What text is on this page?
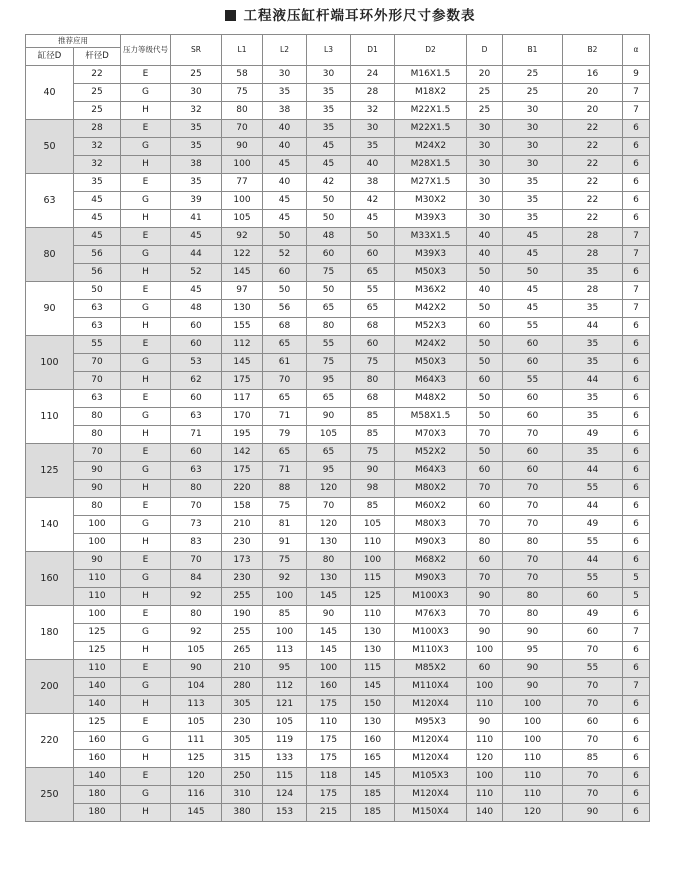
工程液压缸杆端耳环外形尺寸参数表
推荐应用		压力等级代号	SR	L1	L2	L3	D1	D2	D	B1	B2	α
缸径D	杆径D											
40	22	E	25	58	30	30	24	M16X1.5	20	25	16	9
	25	G	30	75	35	35	28	M18X2	25	25	20	7
	25	H	32	80	38	35	32	M22X1.5	25	30	20	7
50	28	E	35	70	40	35	30	M22X1.5	30	30	22	6
	32	G	35	90	40	45	35	M24X2	30	30	22	6
	32	H	38	100	45	45	40	M28X1.5	30	30	22	6
63	35	E	35	77	40	42	38	M27X1.5	30	35	22	6
	45	G	39	100	45	50	42	M30X2	30	35	22	6
	45	H	41	105	45	50	45	M39X3	30	35	22	6
80	45	E	45	92	50	48	50	M33X1.5	40	45	28	7
	56	G	44	122	52	60	60	M39X3	40	45	28	7
	56	H	52	145	60	75	65	M50X3	50	50	35	6
90	50	E	45	97	50	50	55	M36X2	40	45	28	7
	63	G	48	130	56	65	65	M42X2	50	45	35	7
	63	H	60	155	68	80	68	M52X3	60	55	44	6
100	55	E	60	112	65	55	60	M24X2	50	60	35	6
	70	G	53	145	61	75	75	M50X3	50	60	35	6
	70	H	62	175	70	95	80	M64X3	60	55	44	6
110	63	E	60	117	65	65	68	M48X2	50	60	35	6
	80	G	63	170	71	90	85	M58X1.5	50	60	35	6
	80	H	71	195	79	105	85	M70X3	70	70	49	6
125	70	E	60	142	65	65	75	M52X2	50	60	35	6
	90	G	63	175	71	95	90	M64X3	60	60	44	6
	90	H	80	220	88	120	98	M80X2	70	70	55	6
140	80	E	70	158	75	70	85	M60X2	60	70	44	6
	100	G	73	210	81	120	105	M80X3	70	70	49	6
	100	H	83	230	91	130	110	M90X3	80	80	55	6
160	90	E	70	173	75	80	100	M68X2	60	70	44	6
	110	G	84	230	92	130	115	M90X3	70	70	55	5
	110	H	92	255	100	145	125	M100X3	90	80	60	5
180	100	E	80	190	85	90	110	M76X3	70	80	49	6
	125	G	92	255	100	145	130	M100X3	90	90	60	7
	125	H	105	265	113	145	130	M110X3	100	95	70	6
200	110	E	90	210	95	100	115	M85X2	60	90	55	6
	140	G	104	280	112	160	145	M110X4	100	90	70	7
	140	H	113	305	121	175	150	M120X4	110	100	70	6
220	125	E	105	230	105	110	130	M95X3	90	100	60	6
	160	G	111	305	119	175	160	M120X4	110	100	70	6
	160	H	125	315	133	175	165	M120X4	120	110	85	6
250	140	E	120	250	115	118	145	M105X3	100	110	70	6
	180	G	116	310	124	175	185	M120X4	110	110	70	6
	180	H	145	380	153	215	185	M150X4	140	120	90	6
